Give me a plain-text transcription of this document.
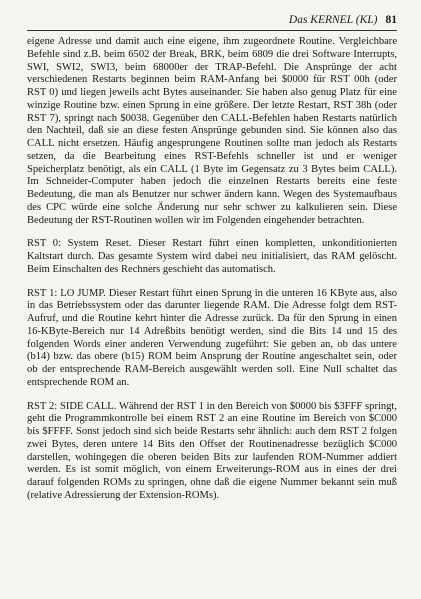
Das KERNEL (KL) 81

eigene Adresse und damit auch eine eigene, ihm zugeordnete Routine. Vergleichbare Befehle sind z.B. beim 6502 der Break, BRK, beim 6809 die drei Software Interrupts, SWI, SWI2, SWI3, beim 68000er der TRAP-Befehl. Die Ansprünge der acht verschiedenen Restarts beginnen beim RAM-Anfang bei $0000 für RST 00h (oder RST 0) und liegen jeweils acht Bytes auseinander. Sie haben also genug Platz für eine winzige Routine bzw. einen Sprung in eine größere. Der letzte Restart, RST 38h (oder RST 7), springt nach $0038. Gegenüber den CALL-Befehlen haben Restarts natürlich den Nachteil, daß sie an diese festen Ansprünge gebunden sind. Sie können also das CALL nicht ersetzen. Häufig angesprungene Routinen sollte man jedoch als Restarts setzen, da die Bearbeitung eines RST-Befehls schneller ist und er weniger Speicherplatz benötigt, als ein CALL (1 Byte im Gegensatz zu 3 Bytes beim CALL). Im Schneider-Computer haben jedoch die einzelnen Restarts bereits eine feste Bedeutung, die man als Benutzer nur schwer ändern kann. Wegen des Systemaufbaus des CPC würde eine solche Änderung nur sehr schwer zu kalkulieren sein. Diese Bedeutung der RST-Routinen wollen wir im Folgenden eingehender betrachten.

RST 0: System Reset. Dieser Restart führt einen kompletten, unkonditionierten Kaltstart durch. Das gesamte System wird dabei neu initialisiert, das RAM gelöscht. Beim Einschalten des Rechners geschieht das automatisch.

RST 1: LO JUMP. Dieser Restart führt einen Sprung in die unteren 16 KByte aus, also in das Betriebssystem oder das darunter liegende RAM. Die Adresse folgt dem RST-Aufruf, und die Routine kehrt hinter die Adresse zurück. Da für den Sprung in einen 16-KByte-Bereich nur 14 Adreßbits benötigt werden, sind die Bits 14 und 15 des folgenden Words einer anderen Verwendung zugeführt: Sie geben an, ob das untere (b14) bzw. das obere (b15) ROM beim Ansprung der Routine angeschaltet sein, oder ob der entsprechende RAM-Bereich ausgewählt werden soll. Eine Null schaltet das entsprechende ROM an.

RST 2: SIDE CALL. Während der RST 1 in den Bereich von $0000 bis $3FFF springt, geht die Programmkontrolle bei einem RST 2 an eine Routine im Bereich von $C000 bis $FFFF. Sonst jedoch sind sich beide Restarts sehr ähnlich: auch dem RST 2 folgen zwei Bytes, deren untere 14 Bits den Offset der Routinenadresse bezüglich $C000 darstellen, wohingegen die oberen beiden Bits zur laufenden ROM-Nummer addiert werden. Es ist somit möglich, von einem Erweiterungs-ROM aus in eines der drei darauf folgenden ROMs zu springen, ohne daß die eigene Nummer bekannt sein muß (relative Adressierung der Extension-ROMs).
